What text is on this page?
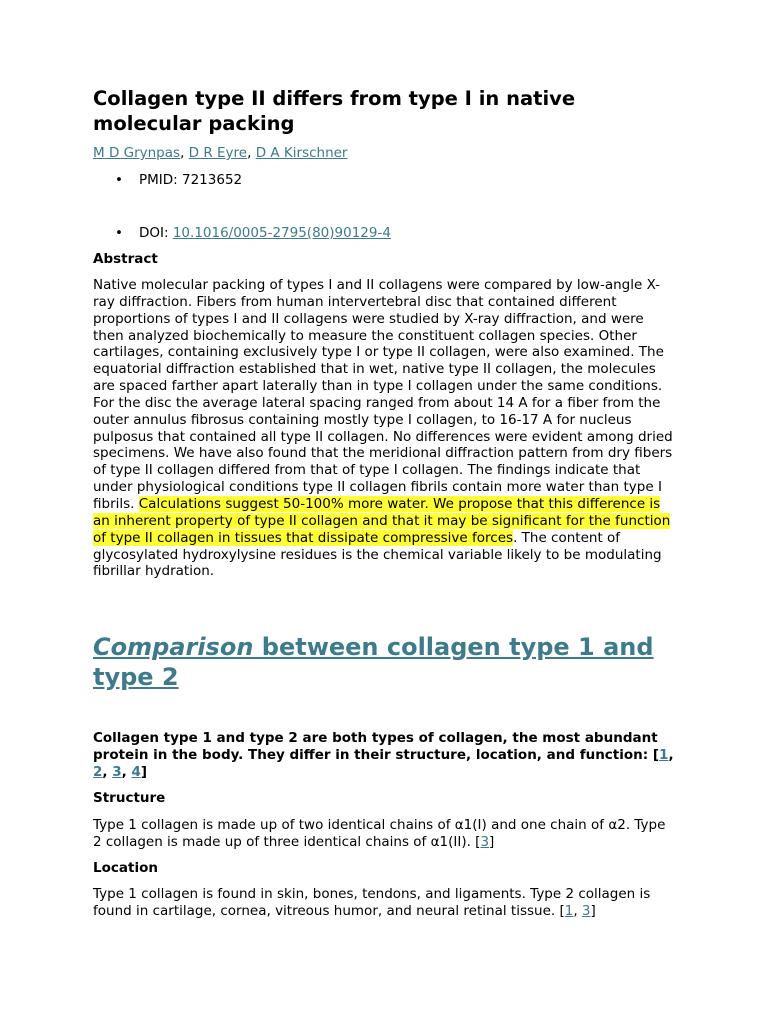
Collagen type II differs from type I in native molecular packing
M D Grynpas, D R Eyre, D A Kirschner
• PMID: 7213652
• DOI: 10.1016/0005-2795(80)90129-4
Abstract

Native molecular packing of types I and II collagens were compared by low-angle X-ray diffraction. Fibers from human intervertebral disc that contained different proportions of types I and II collagens were studied by X-ray diffraction, and were then analyzed biochemically to measure the constituent collagen species. Other cartilages, containing exclusively type I or type II collagen, were also examined. The equatorial diffraction established that in wet, native type II collagen, the molecules are spaced farther apart laterally than in type I collagen under the same conditions. For the disc the average lateral spacing ranged from about 14 A for a fiber from the outer annulus fibrosus containing mostly type I collagen, to 16-17 A for nucleus pulposus that contained all type II collagen. No differences were evident among dried specimens. We have also found that the meridional diffraction pattern from dry fibers of type II collagen differed from that of type I collagen. The findings indicate that under physiological conditions type II collagen fibrils contain more water than type I fibrils. Calculations suggest 50-100% more water. We propose that this difference is an inherent property of type II collagen and that it may be significant for the function of type II collagen in tissues that dissipate compressive forces. The content of glycosylated hydroxylysine residues is the chemical variable likely to be modulating fibrillar hydration.

Comparison between collagen type 1 and type 2

Collagen type 1 and type 2 are both types of collagen, the most abundant protein in the body. They differ in their structure, location, and function: [1, 2, 3, 4]

Structure

Type 1 collagen is made up of two identical chains of α1(I) and one chain of α2. Type 2 collagen is made up of three identical chains of α1(II). [3]

Location

Type 1 collagen is found in skin, bones, tendons, and ligaments. Type 2 collagen is found in cartilage, cornea, vitreous humor, and neural retinal tissue. [1, 3]
